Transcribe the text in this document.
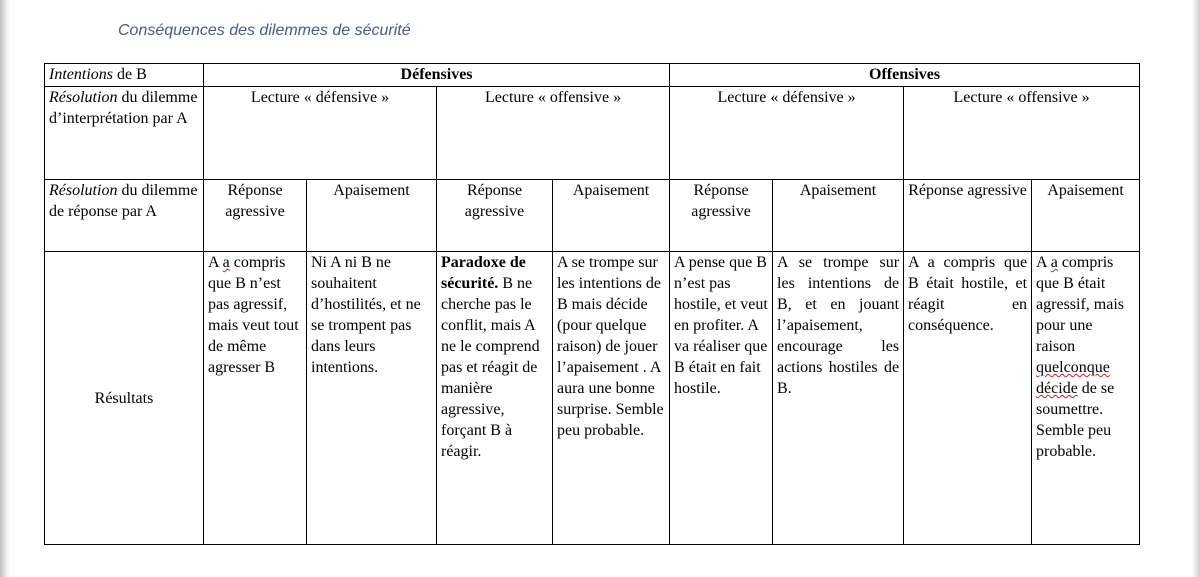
Conséquences des dilemmes de sécurité
Intentions de B	Défensives				Offensives			
Résolution du dilemme d’interprétation par A	Lecture « défensive »		Lecture « offensive »		Lecture « défensive »		Lecture « offensive »	
Résolution du dilemme de réponse par A	Réponse agressive	Apaisement	Réponse agressive	Apaisement	Réponse agressive	Apaisement	Réponse agressive	Apaisement
Résultats	A a compris que B n’est pas agressif, mais veut tout de même agresser B	Ni A ni B ne souhaitent d’hostilités, et ne se trompent pas dans leurs intentions.	Paradoxe de sécurité. B ne cherche pas le conflit, mais A ne le comprend pas et réagit de manière agressive, forçant B à réagir.	A se trompe sur les intentions de B mais décide (pour quelque raison) de jouer l’apaisement . A aura une bonne surprise. Semble peu probable.	A pense que B n’est pas hostile, et veut en profiter. A va réaliser que B était en fait hostile.	A se trompe sur les intentions de B, et en jouant l’apaisement, encourage les actions hostiles de B.	A a compris que B était hostile, et réagit en conséquence.	A a compris que B était agressif, mais pour une raison quelconque décide de se soumettre. Semble peu probable.
